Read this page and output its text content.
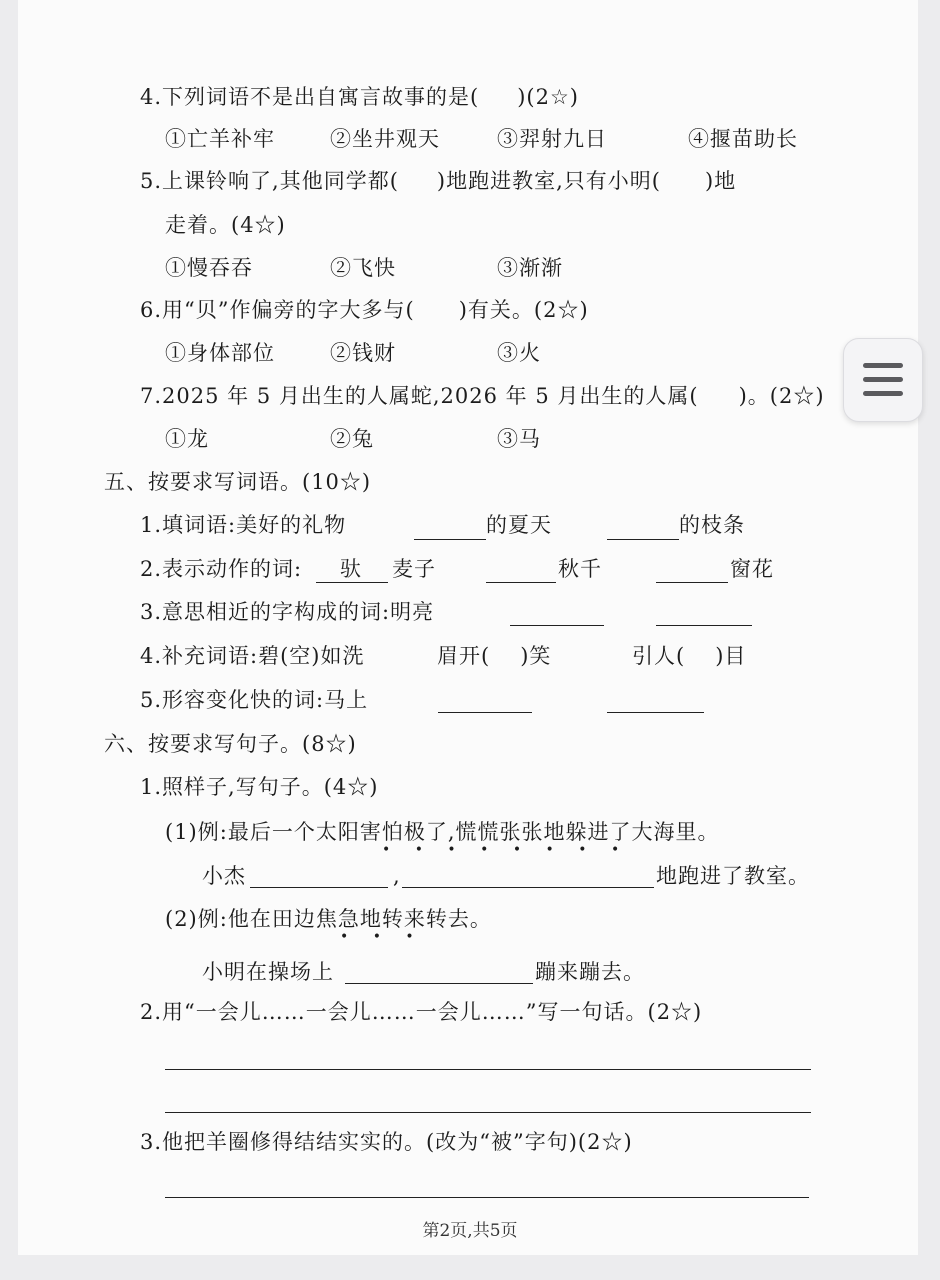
4.下列词语不是出自寓言故事的是( )(2☆)
①亡羊补牢	②坐井观天	③羿射九日	④揠苗助长
5.上课铃响了,其他同学都( )地跑进教室,只有小明( )地
走着。(4☆)
①慢吞吞	②飞快	③渐渐
6.用“贝”作偏旁的字大多与( )有关。(2☆)
①身体部位	②钱财	③火
7.2025 年 5 月出生的人属蛇,2026 年 5 月出生的人属( )。(2☆)
①龙	②兔	③马
五、按要求写词语。(10☆)
1.填词语:美好的礼物	的夏天	的枝条
2.表示动作的词: 驮 麦子	秋千	窗花
3.意思相近的字构成的词:明亮
4.补充词语:碧(空)如洗	眉开( )笑	引人( )目
5.形容变化快的词:马上
六、按要求写句子。(8☆)
1.照样子,写句子。(4☆)
(1)例:最后一个太阳害怕极了,慌慌张张地躲进了大海里。
• • • • • • • •
小杰	,	地跑进了教室。
(2)例:他在田边焦急地转来转去。
• • •
小明在操场上	蹦来蹦去。
2.用“一会儿……一会儿……一会儿……”写一句话。(2☆)
3.他把羊圈修得结结实实的。(改为“被”字句)(2☆)
第2页,共5页
